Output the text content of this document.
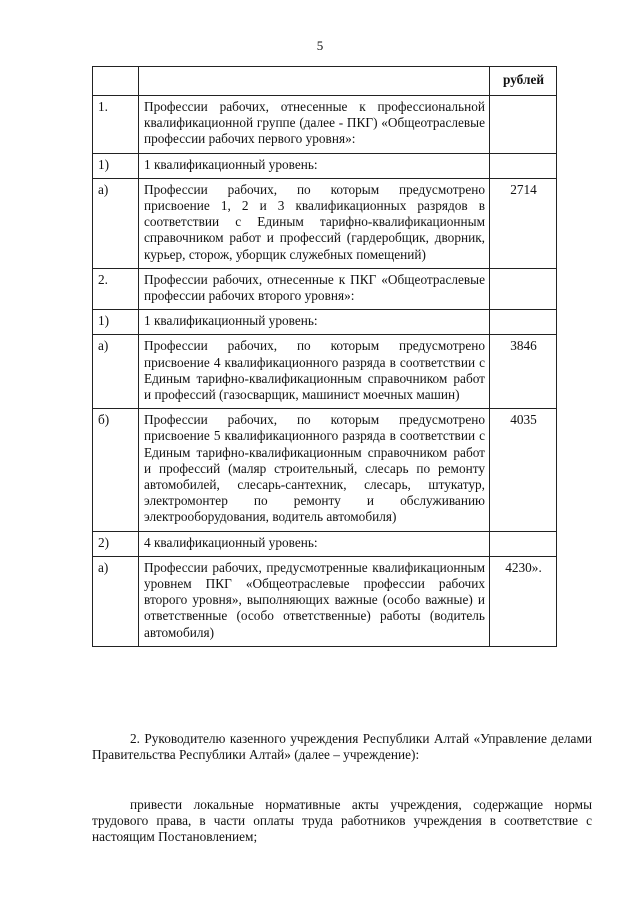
5

		рублей

1.	Профессии рабочих, отнесенные к профессиональной квалификационной группе (далее - ПКГ) «Общеотраслевые профессии рабочих первого уровня»:	
1)	1 квалификационный уровень:	
а)	Профессии рабочих, по которым предусмотрено присвоение 1, 2 и 3 квалификационных разрядов в соответствии с Единым тарифно-квалификационным справочником работ и профессий (гардеробщик, дворник, курьер, сторож, уборщик служебных помещений)	2714
2.	Профессии рабочих, отнесенные к ПКГ «Общеотраслевые профессии рабочих второго уровня»:	
1)	1 квалификационный уровень:	
а)	Профессии рабочих, по которым предусмотрено присвоение 4 квалификационного разряда в соответствии с Единым тарифно-квалификационным справочником работ и профессий (газосварщик, машинист моечных машин)	3846
б)	Профессии рабочих, по которым предусмотрено присвоение 5 квалификационного разряда в соответствии с Единым тарифно-квалификационным справочником работ и профессий (маляр строительный, слесарь по ремонту автомобилей, слесарь-сантехник, слесарь, штукатур, электромонтер по ремонту и обслуживанию электрооборудования, водитель автомобиля)	4035
2)	4 квалификационный уровень:	
а)	Профессии рабочих, предусмотренные квалификационным уровнем ПКГ «Общеотраслевые профессии рабочих второго уровня», выполняющих важные (особо важные) и ответственные (особо ответственные) работы (водитель автомобиля)	4230».

2. Руководителю казенного учреждения Республики Алтай «Управление делами Правительства Республики Алтай» (далее – учреждение):

привести локальные нормативные акты учреждения, содержащие нормы трудового права, в части оплаты труда работников учреждения в соответствие с настоящим Постановлением;
